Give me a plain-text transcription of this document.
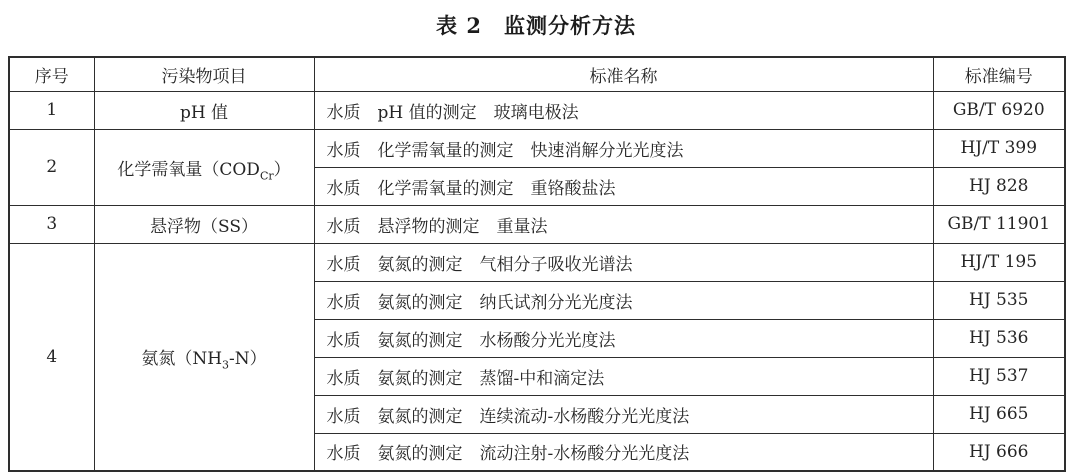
表 2　监测分析方法
序号	污染物项目	标准名称	标准编号
1	pH 值	水质　pH 值的测定　玻璃电极法	GB/T 6920
2	化学需氧量$(COD_{Cr})$	水质　化学需氧量的测定　快速消解分光光度法	HJ/T 399
		水质　化学需氧量的测定　重铬酸盐法	HJ 828
3	悬浮物（SS）	水质　悬浮物的测定　重量法	GB/T 11901
4	氨氮$(NH_3-N)$	水质　氨氮的测定　气相分子吸收光谱法	HJ/T 195
		水质　氨氮的测定　纳氏试剂分光光度法	HJ 535
		水质　氨氮的测定　水杨酸分光光度法	HJ 536
		水质　氨氮的测定　蒸馏-中和滴定法	HJ 537
		水质　氨氮的测定　连续流动-水杨酸分光光度法	HJ 665
		水质　氨氮的测定　流动注射-水杨酸分光光度法	HJ 666
